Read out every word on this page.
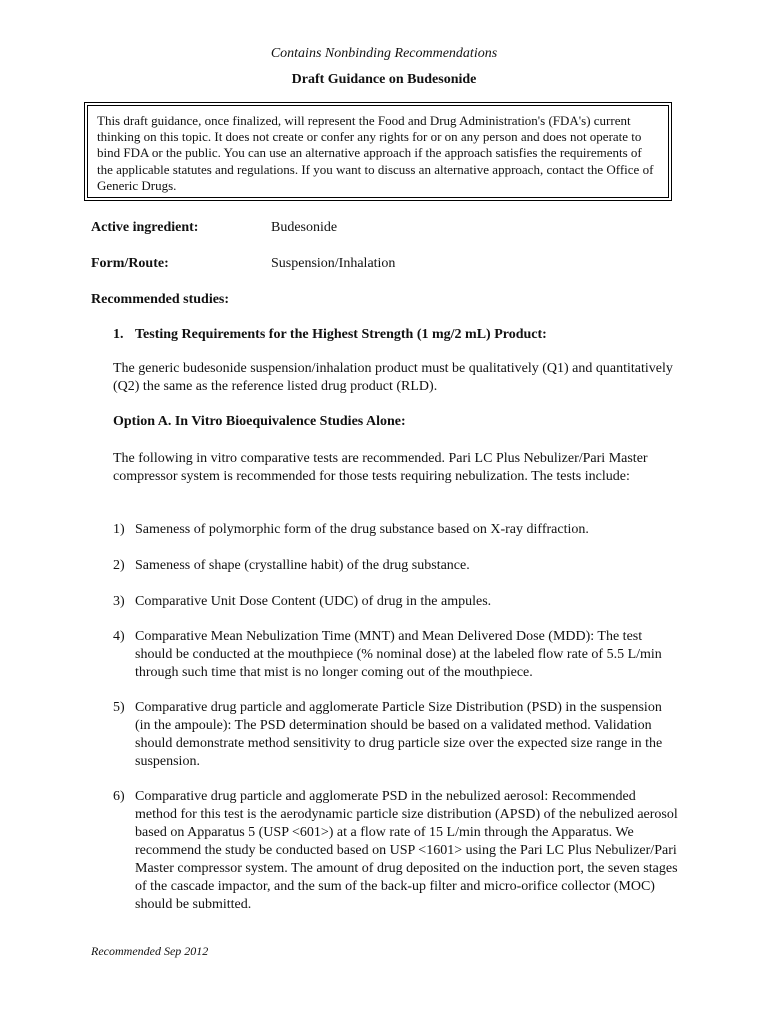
Contains Nonbinding Recommendations
Draft Guidance on Budesonide
This draft guidance, once finalized, will represent the Food and Drug Administration's (FDA's) current thinking on this topic. It does not create or confer any rights for or on any person and does not operate to bind FDA or the public. You can use an alternative approach if the approach satisfies the requirements of the applicable statutes and regulations. If you want to discuss an alternative approach, contact the Office of Generic Drugs.
Active ingredient:	Budesonide
Form/Route:	Suspension/Inhalation
Recommended studies:
1. Testing Requirements for the Highest Strength (1 mg/2 mL) Product:
The generic budesonide suspension/inhalation product must be qualitatively (Q1) and quantitatively (Q2) the same as the reference listed drug product (RLD).
Option A. In Vitro Bioequivalence Studies Alone:
The following in vitro comparative tests are recommended. Pari LC Plus Nebulizer/Pari Master compressor system is recommended for those tests requiring nebulization. The tests include:
1) Sameness of polymorphic form of the drug substance based on X-ray diffraction.
2) Sameness of shape (crystalline habit) of the drug substance.
3) Comparative Unit Dose Content (UDC) of drug in the ampules.
4) Comparative Mean Nebulization Time (MNT) and Mean Delivered Dose (MDD): The test should be conducted at the mouthpiece (% nominal dose) at the labeled flow rate of 5.5 L/min through such time that mist is no longer coming out of the mouthpiece.
5) Comparative drug particle and agglomerate Particle Size Distribution (PSD) in the suspension (in the ampoule): The PSD determination should be based on a validated method. Validation should demonstrate method sensitivity to drug particle size over the expected size range in the suspension.
6) Comparative drug particle and agglomerate PSD in the nebulized aerosol: Recommended method for this test is the aerodynamic particle size distribution (APSD) of the nebulized aerosol based on Apparatus 5 (USP <601>) at a flow rate of 15 L/min through the Apparatus. We recommend the study be conducted based on USP <1601> using the Pari LC Plus Nebulizer/Pari Master compressor system. The amount of drug deposited on the induction port, the seven stages of the cascade impactor, and the sum of the back-up filter and micro-orifice collector (MOC) should be submitted.
Recommended Sep 2012
